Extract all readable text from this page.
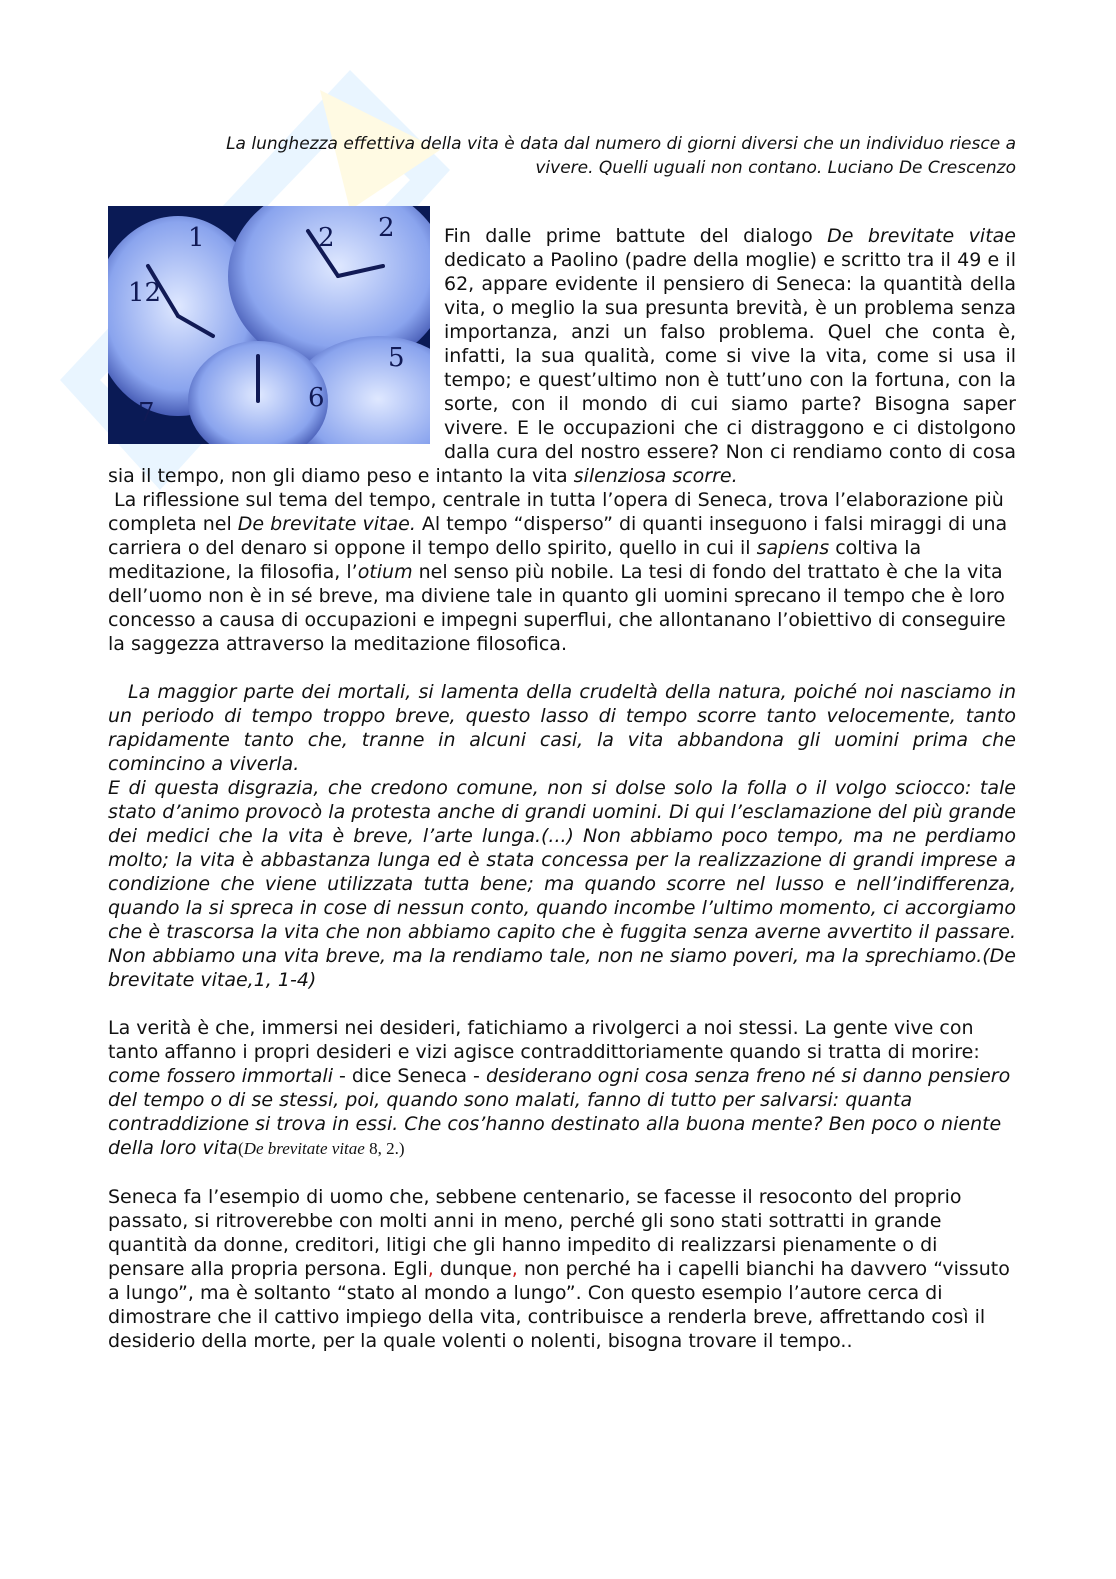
La lunghezza effettiva della vita è data dal numero di giorni diversi che un individuo riesce a

vivere. Quelli uguali non contano. Luciano De Crescenzo

12
1	2 2
5
7	6

Fin dalle prime battute del dialogo De brevitate vitae dedicato a Paolino (padre della moglie) e scritto tra il 49 e il 62, appare evidente il pensiero di Seneca: la quantità della vita, o meglio la sua presunta brevità, è un problema senza importanza, anzi un falso problema. Quel che conta è, infatti, la sua qualità, come si vive la vita, come si usa il tempo; e quest’ultimo non è tutt’uno con la fortuna, con la sorte, con il mondo di cui siamo parte? Bisogna saper vivere. E le occupazioni che ci distraggono e ci distolgono dalla cura del nostro essere? Non ci rendiamo conto di cosa sia il tempo, non gli diamo peso e intanto la vita silenziosa scorre.

La riflessione sul tema del tempo, centrale in tutta l’opera di Seneca, trova l’elaborazione più completa nel De brevitate vitae. Al tempo “disperso” di quanti inseguono i falsi miraggi di una carriera o del denaro si oppone il tempo dello spirito, quello in cui il sapiens coltiva la meditazione, la filosofia, l’otium nel senso più nobile. La tesi di fondo del trattato è che la vita dell’uomo non è in sé breve, ma diviene tale in quanto gli uomini sprecano il tempo che è loro concesso a causa di occupazioni e impegni superflui, che allontanano l’obiettivo di conseguire la saggezza attraverso la meditazione filosofica.

La maggior parte dei mortali, si lamenta della crudeltà della natura, poiché noi nasciamo in un periodo di tempo troppo breve, questo lasso di tempo scorre tanto velocemente, tanto rapidamente tanto che, tranne in alcuni casi, la vita abbandona gli uomini prima che comincino a viverla.

E di questa disgrazia, che credono comune, non si dolse solo la folla o il volgo sciocco: tale stato d’animo provocò la protesta anche di grandi uomini. Di qui l’esclamazione del più grande dei medici che la vita è breve, l’arte lunga.(...) Non abbiamo poco tempo, ma ne perdiamo molto; la vita è abbastanza lunga ed è stata concessa per la realizzazione di grandi imprese a condizione che viene utilizzata tutta bene; ma quando scorre nel lusso e nell’indifferenza, quando la si spreca in cose di nessun conto, quando incombe l’ultimo momento, ci accorgiamo che è trascorsa la vita che non abbiamo capito che è fuggita senza averne avvertito il passare. Non abbiamo una vita breve, ma la rendiamo tale, non ne siamo poveri, ma la sprechiamo.(De brevitate vitae,1, 1-4)

La verità è che, immersi nei desideri, fatichiamo a rivolgerci a noi stessi. La gente vive con tanto affanno i propri desideri e vizi agisce contraddittoriamente quando si tratta di morire: come fossero immortali - dice Seneca - desiderano ogni cosa senza freno né si danno pensiero del tempo o di se stessi, poi, quando sono malati, fanno di tutto per salvarsi: quanta contraddizione si trova in essi. Che cos’hanno destinato alla buona mente? Ben poco o niente della loro vita(De brevitate vitae 8, 2.)

Seneca fa l’esempio di uomo che, sebbene centenario, se facesse il resoconto del proprio passato, si ritroverebbe con molti anni in meno, perché gli sono stati sottratti in grande quantità da donne, creditori, litigi che gli hanno impedito di realizzarsi pienamente o di pensare alla propria persona. Egli, dunque, non perché ha i capelli bianchi ha davvero “vissuto a lungo”, ma è soltanto “stato al mondo a lungo”. Con questo esempio l’autore cerca di dimostrare che il cattivo impiego della vita, contribuisce a renderla breve, affrettando così il desiderio della morte, per la quale volenti o nolenti, bisogna trovare il tempo..
